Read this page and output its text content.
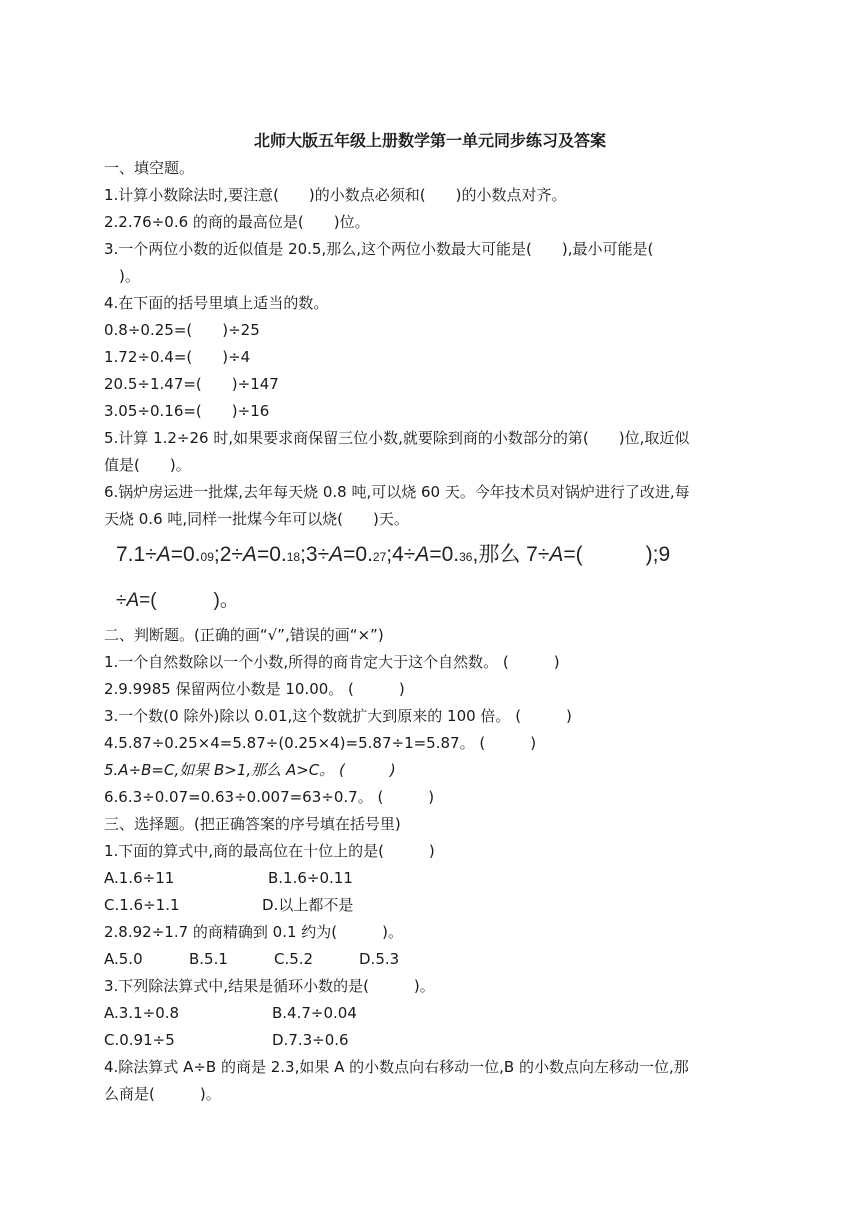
北师大版五年级上册数学第一单元同步练习及答案
一、填空题。
1.计算小数除法时,要注意(　　)的小数点必须和(　　)的小数点对齐。
2.2.76÷0.6 的商的最高位是(　　)位。
3.一个两位小数的近似值是 20.5,那么,这个两位小数最大可能是(　　),最小可能是(
　)。
4.在下面的括号里填上适当的数。
0.8÷0.25=(　　)÷25
1.72÷0.4=(　　)÷4
20.5÷1.47=(　　)÷147
3.05÷0.16=(　　)÷16
5.计算 1.2÷26 时,如果要求商保留三位小数,就要除到商的小数部分的第(　　)位,取近似
值是(　　)。
6.锅炉房运进一批煤,去年每天烧 0.8 吨,可以烧 60 天。今年技术员对锅炉进行了改进,每
天烧 0.6 吨,同样一批煤今年可以烧(　　)天。
7.1÷A=0.09;2÷A=0.18;3÷A=0.27;4÷A=0.36,那么 7÷A=(　　　);9
÷A=(　　　)。
二、判断题。(正确的画“√”,错误的画“×”)
1.一个自然数除以一个小数,所得的商肯定大于这个自然数。 (　　　)
2.9.9985 保留两位小数是 10.00。 (　　　)
3.一个数(0 除外)除以 0.01,这个数就扩大到原来的 100 倍。 (　　　)
4.5.87÷0.25×4=5.87÷(0.25×4)=5.87÷1=5.87。 (　　　)
5.A÷B=C,如果 B>1,那么 A>C。 (　　　)
6.6.3÷0.07=0.63÷0.007=63÷0.7。 (　　　)
三、选择题。(把正确答案的序号填在括号里)
1.下面的算式中,商的最高位在十位上的是(　　　)
A.1.6÷11	B.1.6÷0.11
C.1.6÷1.1	D.以上都不是
2.8.92÷1.7 的商精确到 0.1 约为(　　　)。
A.5.0	B.5.1	C.5.2	D.5.3
3.下列除法算式中,结果是循环小数的是(　　　)。
A.3.1÷0.8	B.4.7÷0.04
C.0.91÷5	D.7.3÷0.6
4.除法算式 A÷B 的商是 2.3,如果 A 的小数点向右移动一位,B 的小数点向左移动一位,那
么商是(　　　)。
